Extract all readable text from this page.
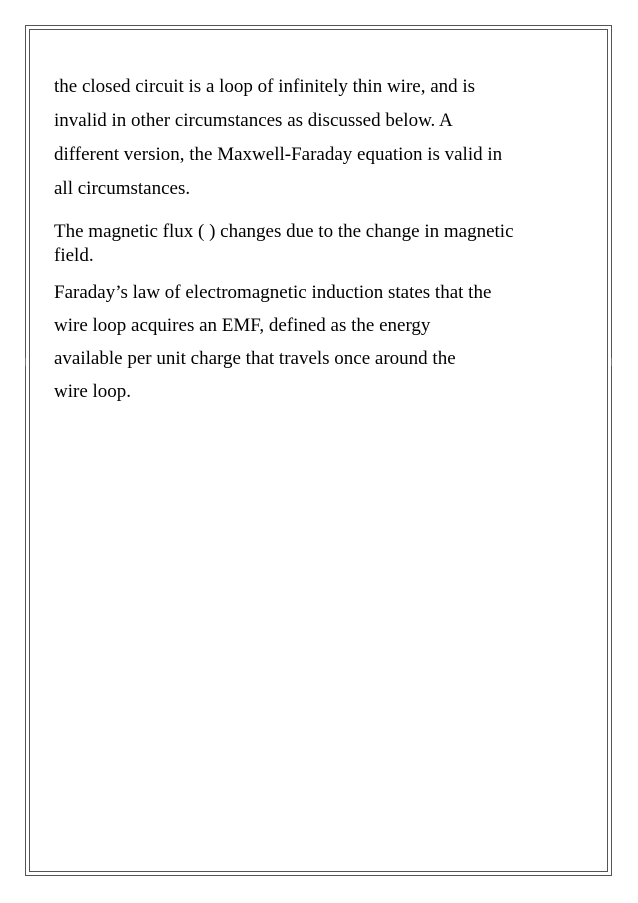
the closed circuit is a loop of infinitely thin wire, and is
invalid in other circumstances as discussed below. A
different version, the Maxwell-Faraday equation is valid in
all circumstances.

The magnetic flux ( ) changes due to the change in magnetic
field.

Faraday’s law of electromagnetic induction states that the
wire loop acquires an EMF, defined as the energy
available per unit charge that travels once around the
wire loop.
